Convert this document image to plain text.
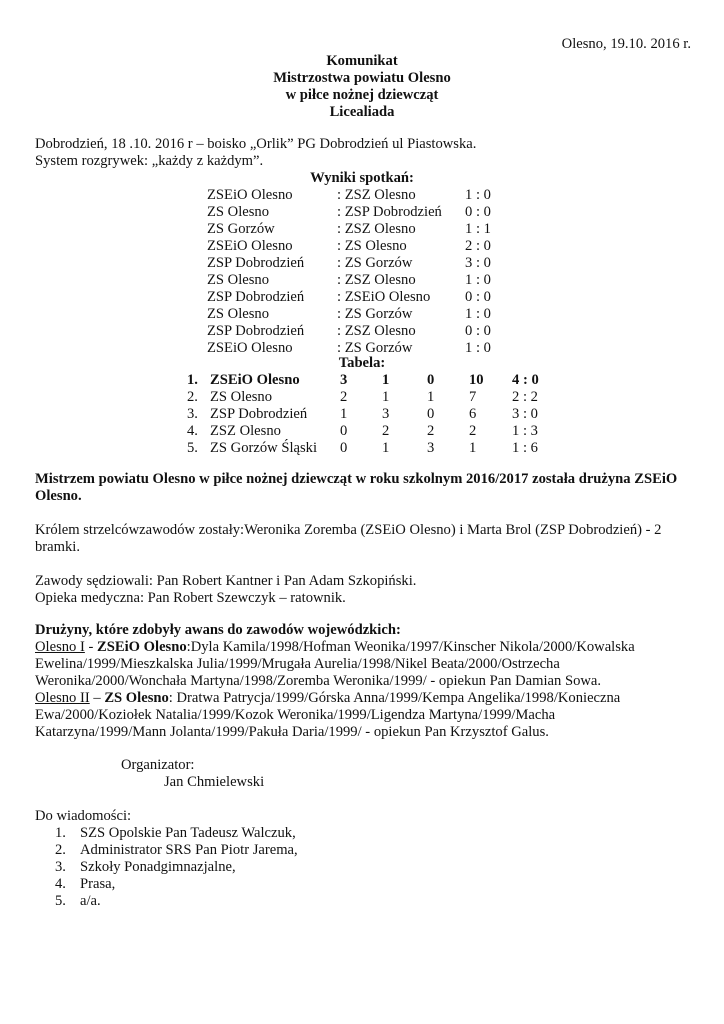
Olesno, 19.10. 2016 r.
Komunikat
Mistrzostwa powiatu Olesno
w piłce nożnej dziewcząt
Licealiada
Dobrodzień, 18 .10. 2016 r – boisko „Orlik” PG Dobrodzień ul Piastowska.
System rozgrywek: „każdy z każdym”.
Wyniki spotkań:
ZSEiO Olesno	: ZSZ Olesno	1 : 0
ZS Olesno	: ZSP Dobrodzień	0 : 0
ZS Gorzów	: ZSZ Olesno	1 : 1
ZSEiO Olesno	: ZS Olesno	2 : 0
ZSP Dobrodzień	: ZS Gorzów	3 : 0
ZS Olesno	: ZSZ Olesno	1 : 0
ZSP Dobrodzień	: ZSEiO Olesno	0 : 0
ZS Olesno	: ZS Gorzów	1 : 0
ZSP Dobrodzień	: ZSZ Olesno	0 : 0
ZSEiO Olesno	: ZS Gorzów	1 : 0
Tabela:
1.	ZSEiO Olesno	3	1	0	10	4 : 0
2.	ZS Olesno	2	1	1	7	2 : 2
3.	ZSP Dobrodzień	1	3	0	6	3 : 0
4.	ZSZ Olesno	0	2	2	2	1 : 3
5.	ZS Gorzów Śląski	0	1	3	1	1 : 6
Mistrzem powiatu Olesno w piłce nożnej dziewcząt w roku szkolnym 2016/2017 została drużyna ZSEiO Olesno.
Królem strzelcówzawodów zostały:Weronika Zoremba (ZSEiO Olesno) i Marta Brol (ZSP Dobrodzień) - 2 bramki.
Zawody sędziowali: Pan Robert Kantner i Pan Adam Szkopiński.
Opieka medyczna: Pan Robert Szewczyk – ratownik.
Drużyny, które zdobyły awans do zawodów wojewódzkich:
Olesno I - ZSEiO Olesno:Dyla Kamila/1998/Hofman Weonika/1997/Kinscher Nikola/2000/Kowalska Ewelina/1999/Mieszkalska Julia/1999/Mrugała Aurelia/1998/Nikel Beata/2000/Ostrzecha Weronika/2000/Wonchała Martyna/1998/Zoremba Weronika/1999/ - opiekun Pan Damian Sowa.
Olesno II – ZS Olesno: Dratwa Patrycja/1999/Górska Anna/1999/Kempa Angelika/1998/Konieczna Ewa/2000/Koziołek Natalia/1999/Kozok Weronika/1999/Ligendza Martyna/1999/Macha Katarzyna/1999/Mann Jolanta/1999/Pakuła Daria/1999/ - opiekun Pan Krzysztof Galus.
Organizator:
Jan Chmielewski
Do wiadomości:
1. SZS Opolskie Pan Tadeusz Walczuk,
2. Administrator SRS Pan Piotr Jarema,
3. Szkoły Ponadgimnazjalne,
4. Prasa,
5. a/a.
